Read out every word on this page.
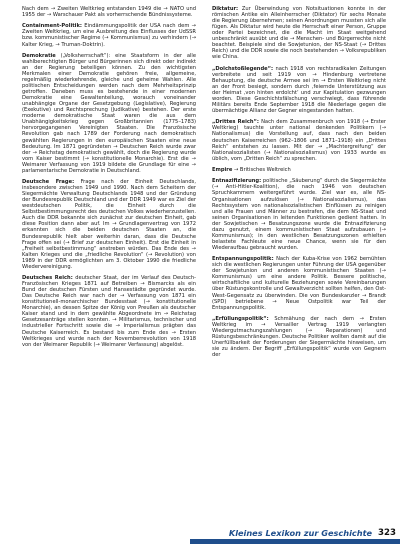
Nach dem → Zweiten Weltkrieg entstanden 1949 die → NATO und 1955 der → Warschauer Pakt als vorherrschende Bündnissysteme.

Containment-Politik: Eindämmungspolitik der USA nach dem → Zweiten Weltkrieg, um eine Ausbreitung des Einflusses der UdSSR bzw. kommunistischer Regime (→ Kommunismus) zu verhindern (→ Kalter Krieg, → Truman-Doktrin).

Demokratie („Volksherrschaft“): eine Staatsform in der alle wahlberechtigten Bürger und Bürgerinnen sich direkt oder indirekt an der Regierung beteiligen können. Zu den wichtigsten Merkmalen einer Demokratie gehören freie, allgemeine, regelmäßig wiederkehrende, gleiche und geheime Wahlen. Alle politischen Entscheidungen werden nach dem Mehrheitsprinzip getroffen. Daneben muss es bestehende in einer modernen Demokratie eine Gewaltenteilung, worauch voneinander unabhängige Organe der Gesetzgebung (Legislative), Regierung (Exekutive) und Rechtsprechung (Judikative) bestehen. Der erste moderne demokratische Staat waren die aus dem Unabhängigkeitskrieg gegen Großbritannien (1775–1783) hervorgegangenen Vereinigten Staaten. Die Französische Revolution gab nach 1789 der Forderung nach demokratisch gewählten Regierungen in den europäischen Staaten eine neue Bedeutung. Im 1871 gegründeten → Deutschen Reich wurde zwar der → Reichstag demokratisch gewählt, doch die Regierung wurde vom Kaiser bestimmt (→ konstitutionelle Monarchie). Erst die → Weimarer Verfassung von 1919 bildete die Grundlage für eine → parlamentarische Demokratie in Deutschland.

Deutsche Frage: Frage nach der Einheit Deutschlands, insbesondere zwischen 1949 und 1990. Nach dem Scheitern der Siegermächte Verwaltung Deutschlands 1948 und der Gründung der Bundesrepublik Deutschland und der DDR 1949 war es Ziel der westdeutschen Politik, die Einheit durch die Selbstbestimmungsrecht des deutschen Volkes wiederherzustellen. Auch die DDR bekannte sich zunächst zur deutschen Einheit, gab diese Position dann aber auf. Im → Grundlagenvertrag von 1972 erkannten sich die beiden deutschen Staaten an, die Bundesrepublik hielt aber weiterhin daran, dass die Deutsche Frage offen sei (→ Brief zur deutschen Einheit). Erst die Einheit in „Freiheit selbstbestimmung“ anstreben würden. Das Ende des → Kalten Krieges und die „friedliche Revolution“ (→ Revolution) von 1989 in der DDR ermöglichten am 3. Oktober 1990 die friedliche Wiedervereinigung.

Deutsches Reich: deutscher Staat, der im Verlauf des Deutsch-Französischen Krieges 1871 auf Betreiben → Bismarcks als ein Bund der deutschen Fürsten und Hansestädte gegründet wurde. Das Deutsche Reich war nach der → Verfassung von 1871 ein konstitutionell-monarchischer Bundesstaat (→ konstitutionelle Monarchie), an dessen Spitze der König von Preußen als deutscher Kaiser stand und in dem gewählte Abgeordnete im → Reichstag Gesetzesanträge stellen konnten. → Militarismus, technischer und industrieller Fortschritt sowie die → Imperialismus prägten das Deutsche Kaiserreich. Es bestand bis zum Ende des → Ersten Weltkrieges und wurde nach der Novemberrevolution von 1918 von der Weimarer Republik (→ Weimarer Verfassung) abgelöst.

Diktatur: Zur Überwindung von Notsituationen konnte in der römischen Antike ein Alleinherrscher (Diktator) für sechs Monate die Regierung übernehmen; seinen Anordnungen mussten sich alle fügen. Als Diktatur wird heute die Herrschaft einer Person, Gruppe oder Partei bezeichnet, die die Macht im Staat weitgehend unbeschränkt ausübt und die → Menschen- und Bürgerrechte nicht beachtet. Beispiele sind die Sowjetunion, der NS-Staat (→ Drittes Reich) und die DDR sowie die noch bestehenden → Volksrepubliken wie China.

„Dolchstoßlegende“: nach 1918 von rechtsradikalen Zeitungen verbreitete und seit 1919 von → Hindenburg vertretene Behauptung, die deutsche Armee sei im → Ersten Weltkrieg nicht an der Front besiegt, sondern durch ‚feiernde Unterstützung aus der Heimat ‚von hinten erdolcht‘ und zur Kapitulation gezwungen worden. Diese Geschichtsfälschung verschwiegt, dass führende Militärs bereits Ende September 1918 die Niederlage gegen die übermächtige Allianz der Gegner eingestanden hatten.

„Drittes Reich“: Nach dem Zusammenbruch von 1918 (→ Erster Weltkrieg) tauchte unter national denkenden Politikern (→ Nationalismus) die Vorstellung auf, dass nach den beiden deutschen Kaiserreichen (962–1806 und 1871–1918) ein „Drittes Reich“ entstehen zu lassen. Mit der → „Machtergreifung“ der Nationalsozialisten (→ Nationalsozialismus) von 1933 wurde es üblich, vom „Dritten Reich“ zu sprechen.

Empire → Britisches Weltreich

Entnazifizierung: politische „Säuberung“ durch die Siegermächte (→ Anti-Hitler-Koalition), die nach 1946 von deutschen Spruchkammern weitergeführt wurde. Ziel war es, alle NS-Organisationen aufzulösen (→ Nationalsozialismus), das Rechtssystem von nationalsozialistischen Einflüssen zu reinigen und alle Frauen und Männer zu bestrafen, die dem NS-Staat und seinen Organisationen in leitenden Funktionen gedient hatten. In der Sowjetischen → Besatzungszone wurde die Entnazifizierung dazu genutzt, einem kommunistischen Staat aufzubauen (→ Kommunismus); in den westlichen Besatzungszonen erhielten belastete Fachleute eine neue Chance, wenn sie für den Wiederaufbau gebraucht wurden.

Entspannungspolitik: Nach der Kuba-Krise von 1962 bemühten sich die westlichen Regierungen unter Führung der USA gegenüber der Sowjetunion und anderen kommunistischen Staaten (→ Kommunismus) um eine andere Politik. Bessere politische, wirtschaftliche und kulturelle Beziehungen sowie Vereinbarungen über Rüstungskontrolle und Gewaltverzicht sollten helfen, den Ost-West-Gegensatz zu überwinden. Die von Bundeskanzler → Brandt (SPD) betriebene → Neue Ostpolitik war Teil der Entspannungspolitik.

„Erfüllungspolitik“: Schmähung der nach dem → Ersten Weltkrieg im → Versailler Vertrag 1919 verlangten Wiedergutmachungszahlungen (→ Reparationen) und Rüstungsbeschränkungen. Deutsche Politiker wollten damit auf die Unerfüllbarkeit der Forderungen der Siegermächte hinweisen, um sie zu ändern. Der Begriff „Erfüllungspolitik“ wurde von Gegnern der

Kleines Lexikon zur Geschichte 323
